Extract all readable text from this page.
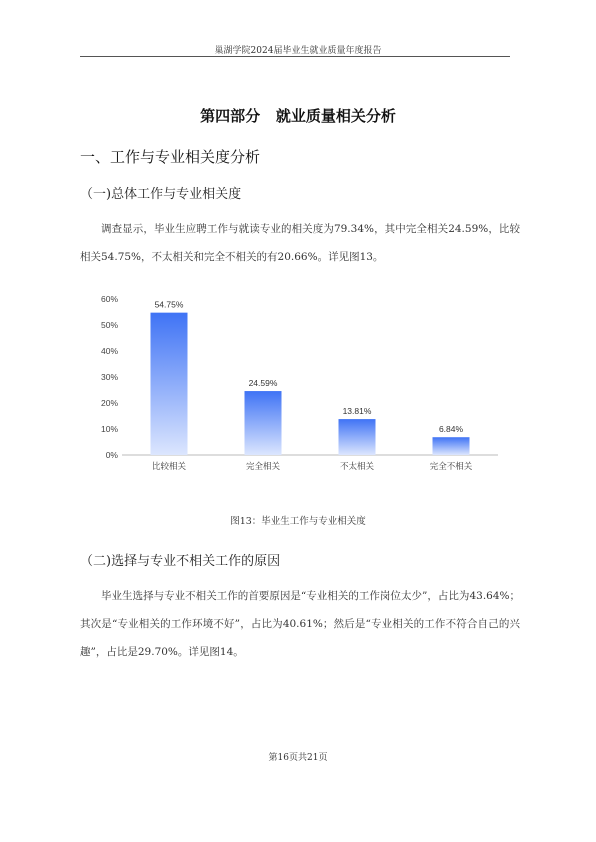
巢湖学院2024届毕业生就业质量年度报告
第四部分   就业质量相关分析
一、工作与专业相关度分析
（一)总体工作与专业相关度
调查显示，毕业生应聘工作与就读专业的相关度为79.34%，其中完全相关24.59%，比较相关54.75%，不太相关和完全不相关的有20.66%。详见图13。
0%
10%
20%
30%
40%
50%
60%
54.75%
比较相关
24.59%
完全相关
13.81%
不太相关
6.84%
完全不相关
图13：毕业生工作与专业相关度
（二)选择与专业不相关工作的原因
毕业生选择与专业不相关工作的首要原因是“专业相关的工作岗位太少”，占比为43.64%；其次是“专业相关的工作环境不好”，占比为40.61%；然后是“专业相关的工作不符合自己的兴趣”，占比是29.70%。详见图14。
第16页共21页
